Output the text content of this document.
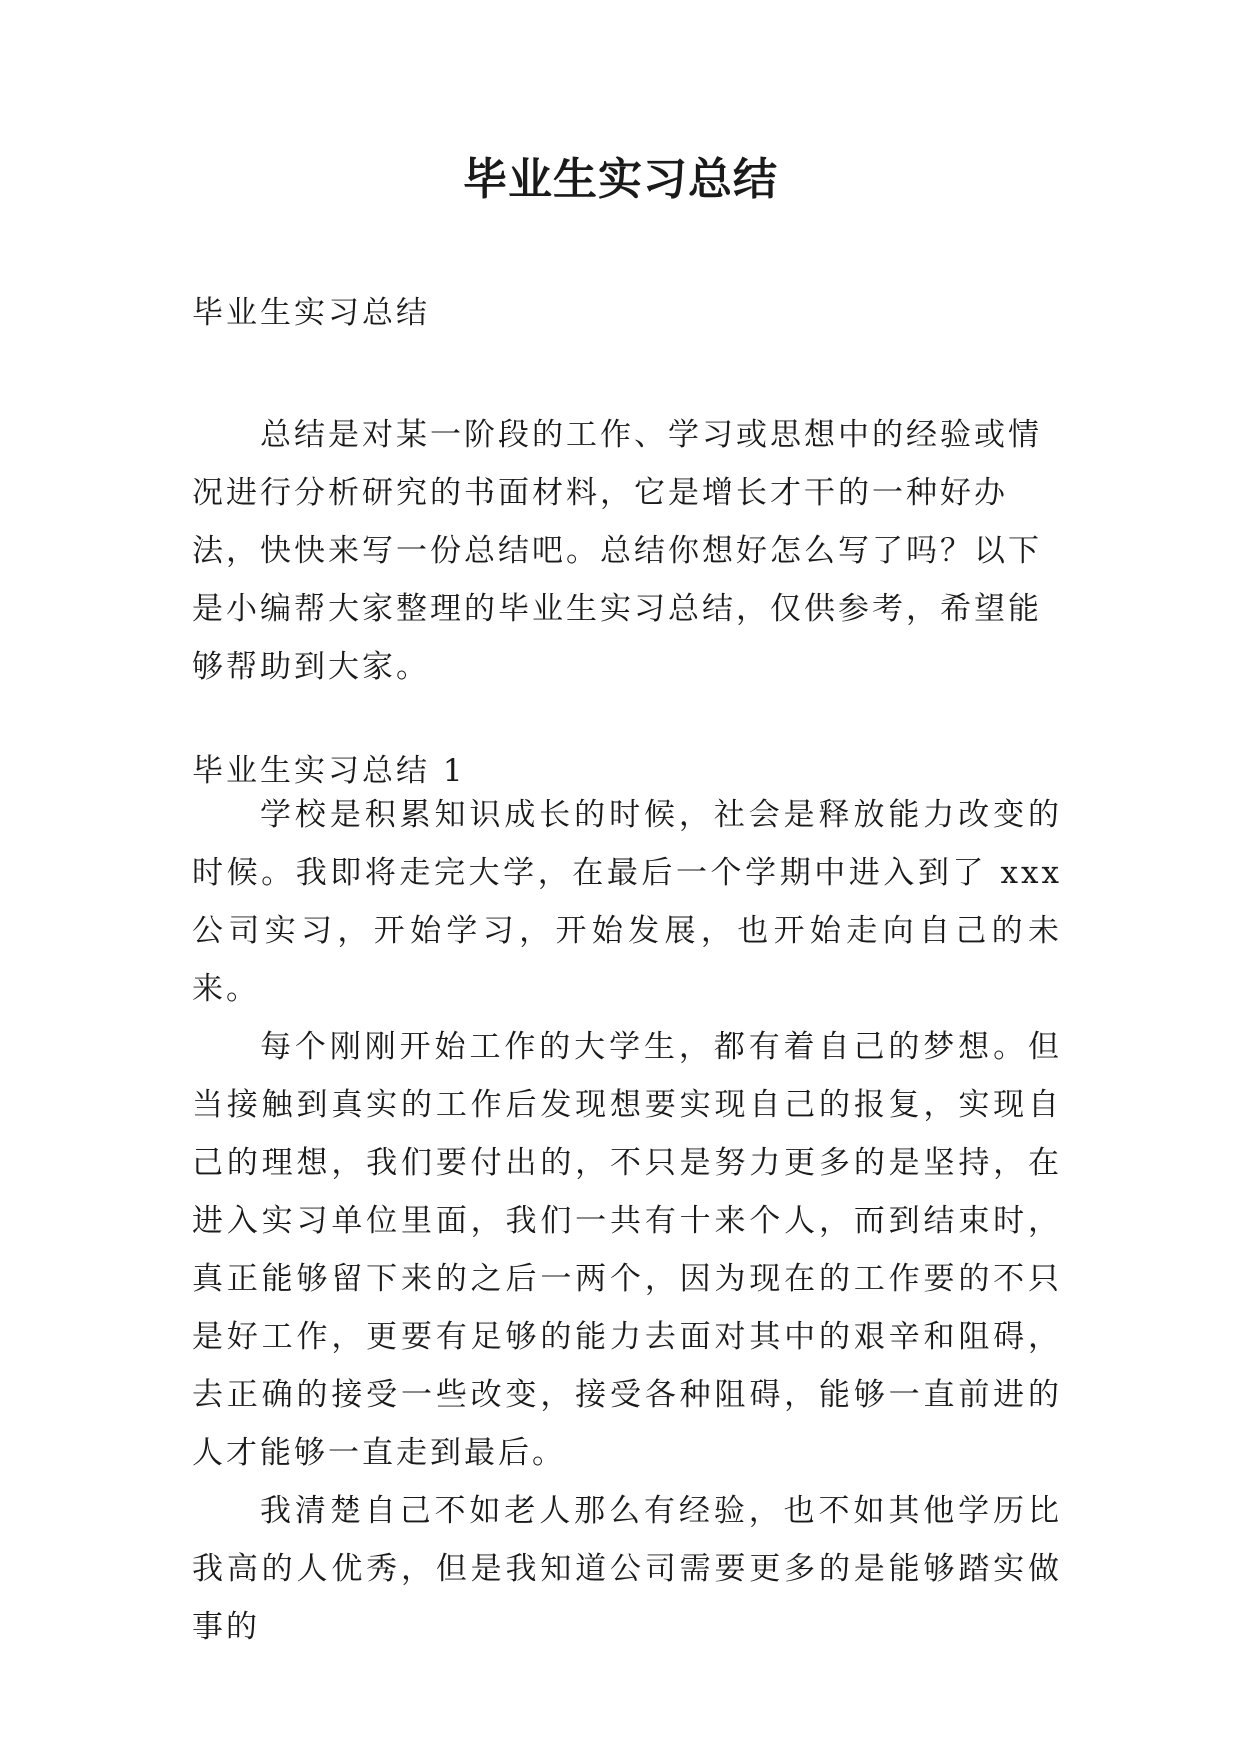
毕业生实习总结
毕业生实习总结

总结是对某一阶段的工作、学习或思想中的经验或情况进行分析研究的书面材料，它是增长才干的一种好办法，快快来写一份总结吧。总结你想好怎么写了吗？以下是小编帮大家整理的毕业生实习总结，仅供参考，希望能够帮助到大家。

毕业生实习总结 1

学校是积累知识成长的时候，社会是释放能力改变的时候。我即将走完大学，在最后一个学期中进入到了 xxx 公司实习，开始学习，开始发展，也开始走向自己的未来。

每个刚刚开始工作的大学生，都有着自己的梦想。但当接触到真实的工作后发现想要实现自己的报复，实现自己的理想，我们要付出的，不只是努力更多的是坚持，在进入实习单位里面，我们一共有十来个人，而到结束时，真正能够留下来的之后一两个，因为现在的工作要的不只是好工作，更要有足够的能力去面对其中的艰辛和阻碍，去正确的接受一些改变，接受各种阻碍，能够一直前进的人才能够一直走到最后。

我清楚自己不如老人那么有经验，也不如其他学历比我高的人优秀，但是我知道公司需要更多的是能够踏实做事的
